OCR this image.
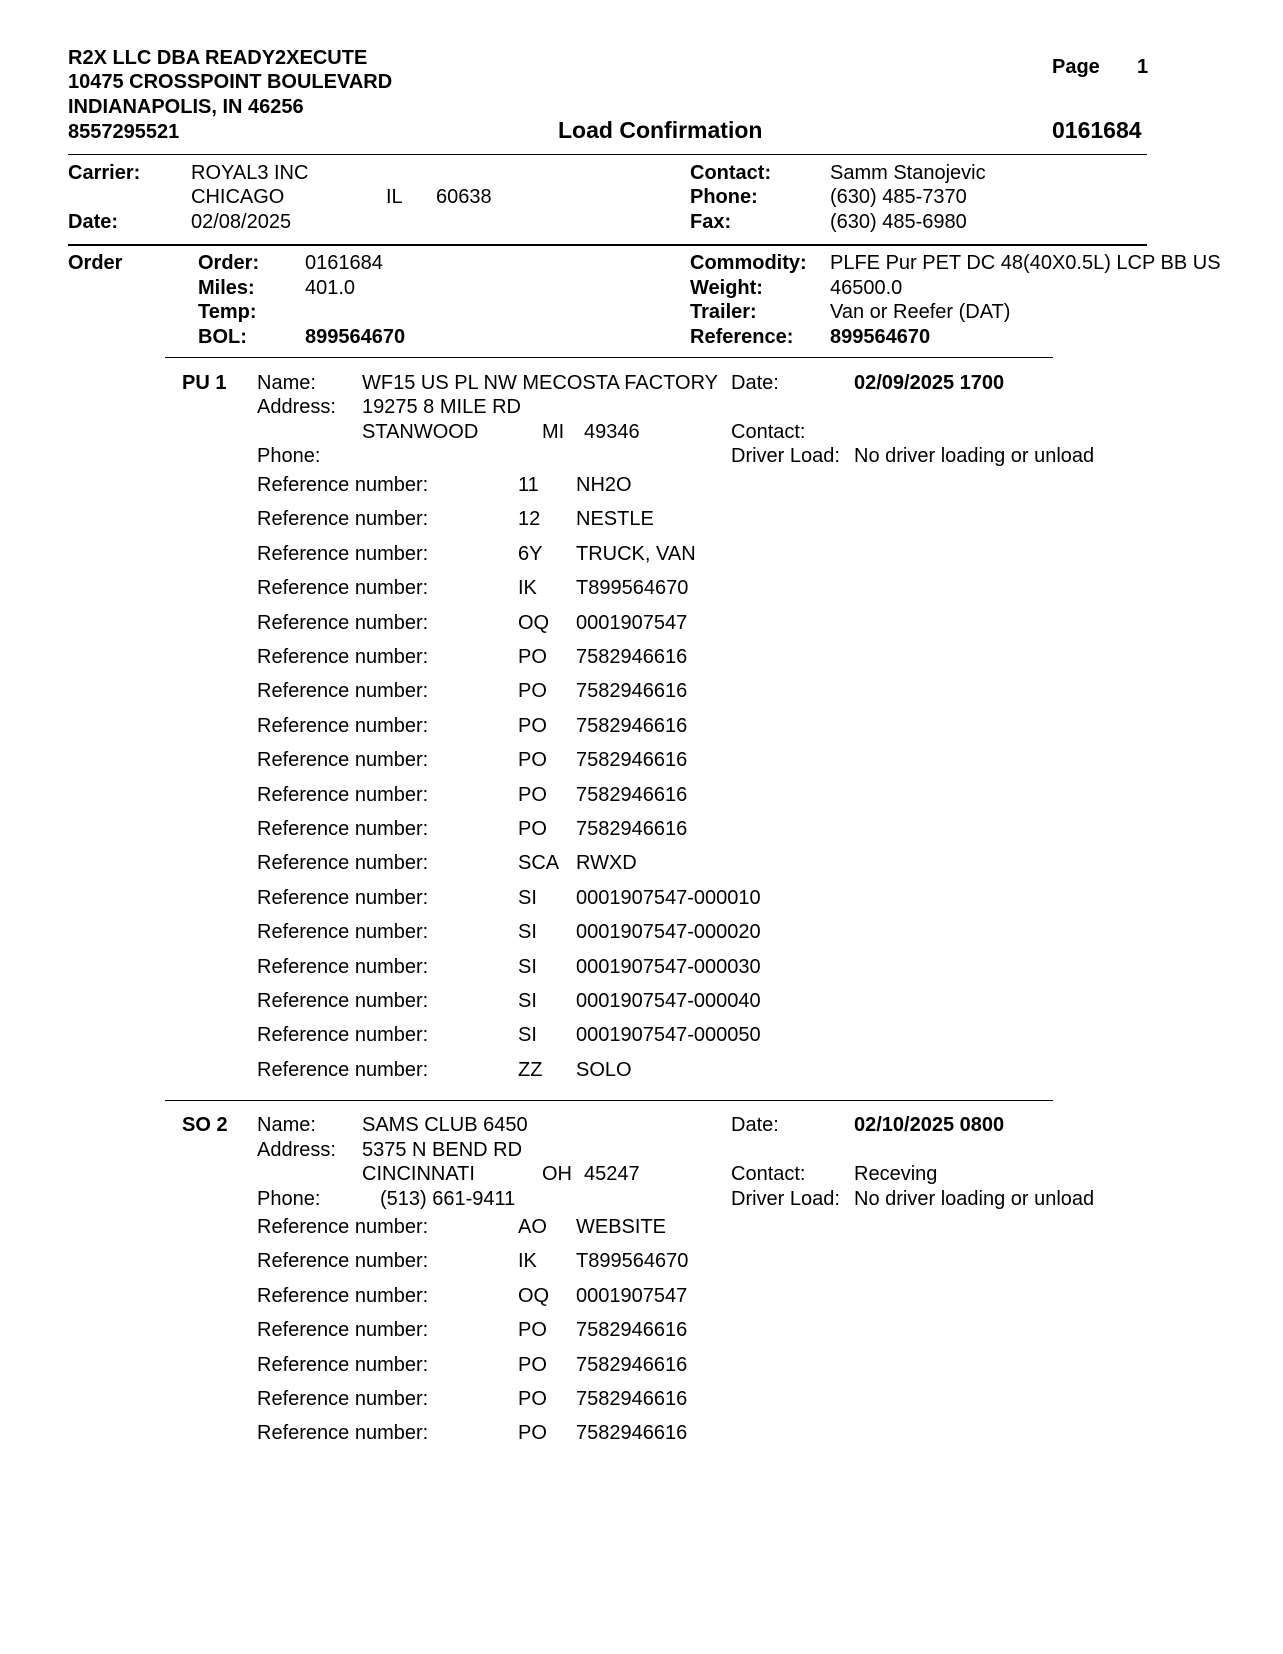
R2X LLC DBA READY2XECUTE
10475 CROSSPOINT BOULEVARD
INDIANAPOLIS, IN 46256
8557295521
Page 1
Load Confirmation	0161684
Carrier:	ROYAL3 INC
CHICAGO	IL 60638
Date:	02/08/2025
Contact:	Samm Stanojevic
Phone:	(630) 485-7370
Fax:	(630) 485-6980
Order	Order: 0161684
Miles:	401.0
Temp:
BOL:	899564670
Commodity: PLFE Pur PET DC 48(40X0.5L) LCP BB US
Weight:	46500.0
Trailer:	Van or Reefer (DAT)
Reference: 899564670
PU 1 Name: WF15 US PL NW MECOSTA FACTORY
Address: 19275 8 MILE RD
STANWOOD	MI 49346
Phone:
Date:	02/09/2025 1700
Contact:
Driver Load: No driver loading or unload
Reference number:	11 NH2O
Reference number:	12 NESTLE
Reference number:	6Y TRUCK, VAN
Reference number:	IK T899564670
Reference number:	OQ 0001907547
Reference number:	PO 7582946616
Reference number:	PO 7582946616
Reference number:	PO 7582946616
Reference number:	PO 7582946616
Reference number:	PO 7582946616
Reference number:	PO 7582946616
Reference number:	SCA RWXD
Reference number:	SI 0001907547-000010
Reference number:	SI 0001907547-000020
Reference number:	SI 0001907547-000030
Reference number:	SI 0001907547-000040
Reference number:	SI 0001907547-000050
Reference number:	ZZ SOLO
SO 2 Name: SAMS CLUB 6450
Address: 5375 N BEND RD
CINCINNATI	OH 45247
Phone:	(513) 661-9411
Date:	02/10/2025 0800
Contact: Receving
Driver Load: No driver loading or unload
Reference number:	AO WEBSITE
Reference number:	IK T899564670
Reference number:	OQ 0001907547
Reference number:	PO 7582946616
Reference number:	PO 7582946616
Reference number:	PO 7582946616
Reference number:	PO 7582946616
